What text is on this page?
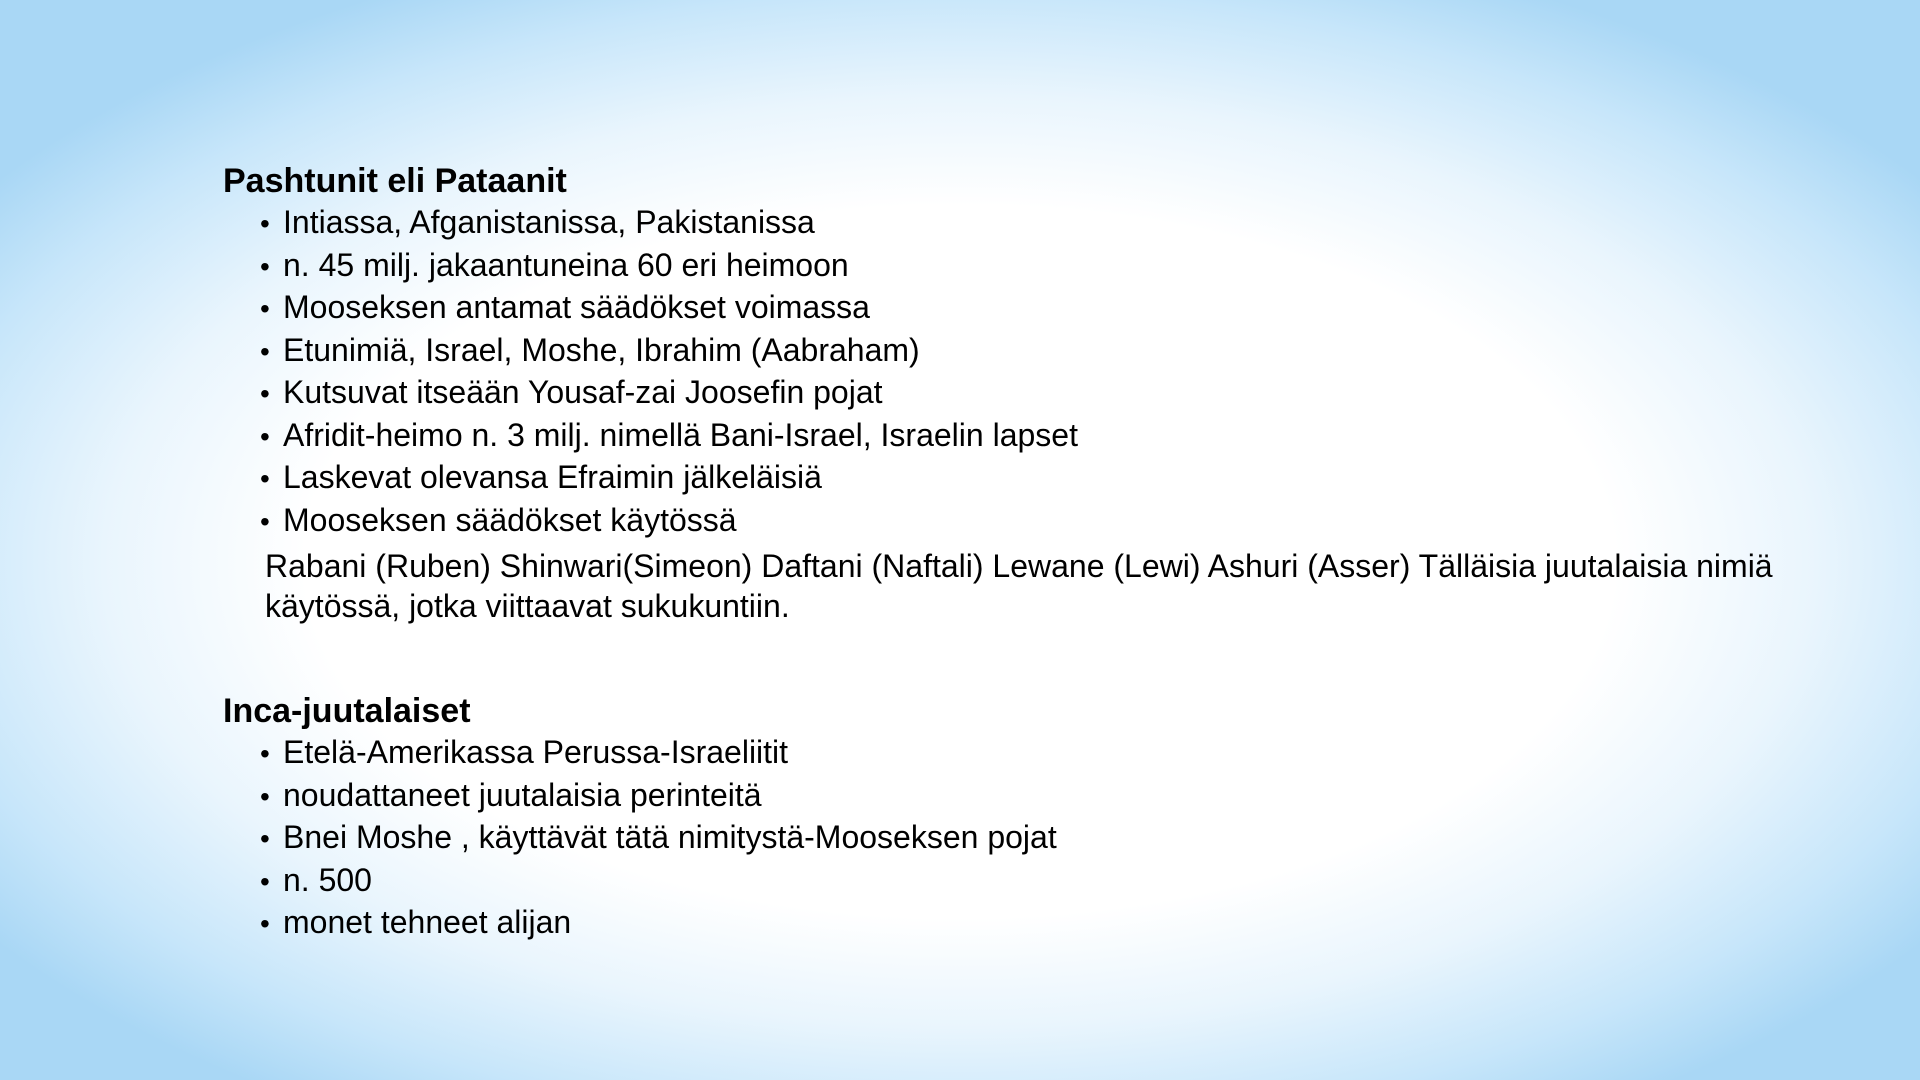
Pashtunit eli Pataanit
• Intiassa, Afganistanissa, Pakistanissa
• n. 45 milj. jakaantuneina 60 eri heimoon
• Mooseksen antamat säädökset voimassa
• Etunimiä, Israel, Moshe, Ibrahim (Aabraham)
• Kutsuvat itseään Yousaf-zai Joosefin pojat
• Afridit-heimo n. 3 milj. nimellä Bani-Israel, Israelin lapset
• Laskevat olevansa Efraimin jälkeläisiä
• Mooseksen säädökset käytössä

Rabani (Ruben) Shinwari(Simeon) Daftani (Naftali) Lewane (Lewi) Ashuri (Asser) Tälläisia juutalaisia nimiä käytössä, jotka viittaavat sukukuntiin.

Inca-juutalaiset
• Etelä-Amerikassa Perussa-Israeliitit
• noudattaneet juutalaisia perinteitä
• Bnei Moshe , käyttävät tätä nimitystä-Mooseksen pojat
• n. 500
• monet tehneet alijan
